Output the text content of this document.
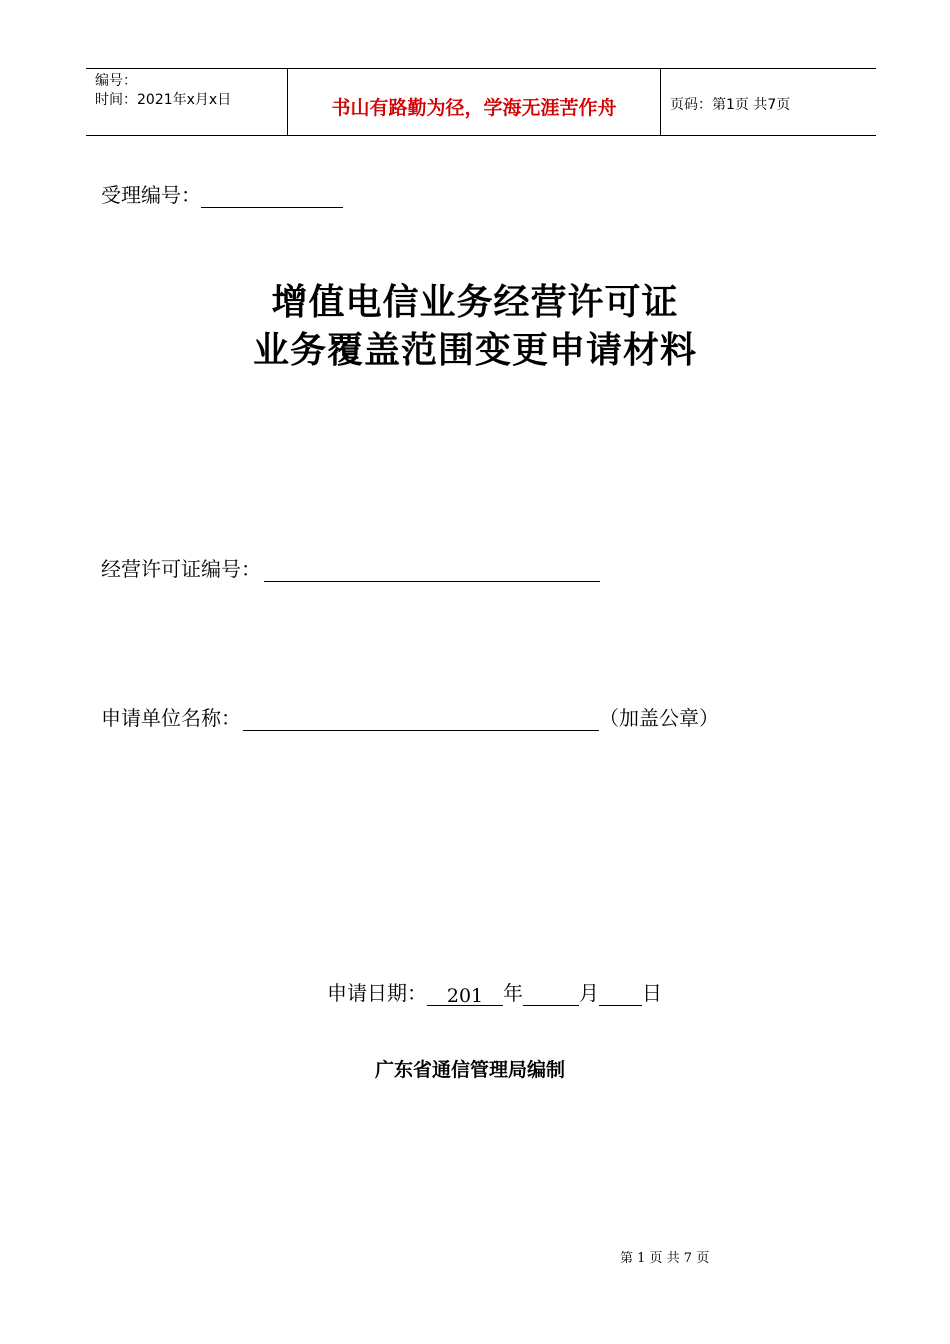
编号：
时间：2021年x月x日	书山有路勤为径，学海无涯苦作舟	页码：第1页 共7页
受理编号：
增值电信业务经营许可证
业务覆盖范围变更申请材料
经营许可证编号：
申请单位名称：	（加盖公章）
申请日期： 201 年	月 日
广东省通信管理局编制
第 1 页 共 7 页
